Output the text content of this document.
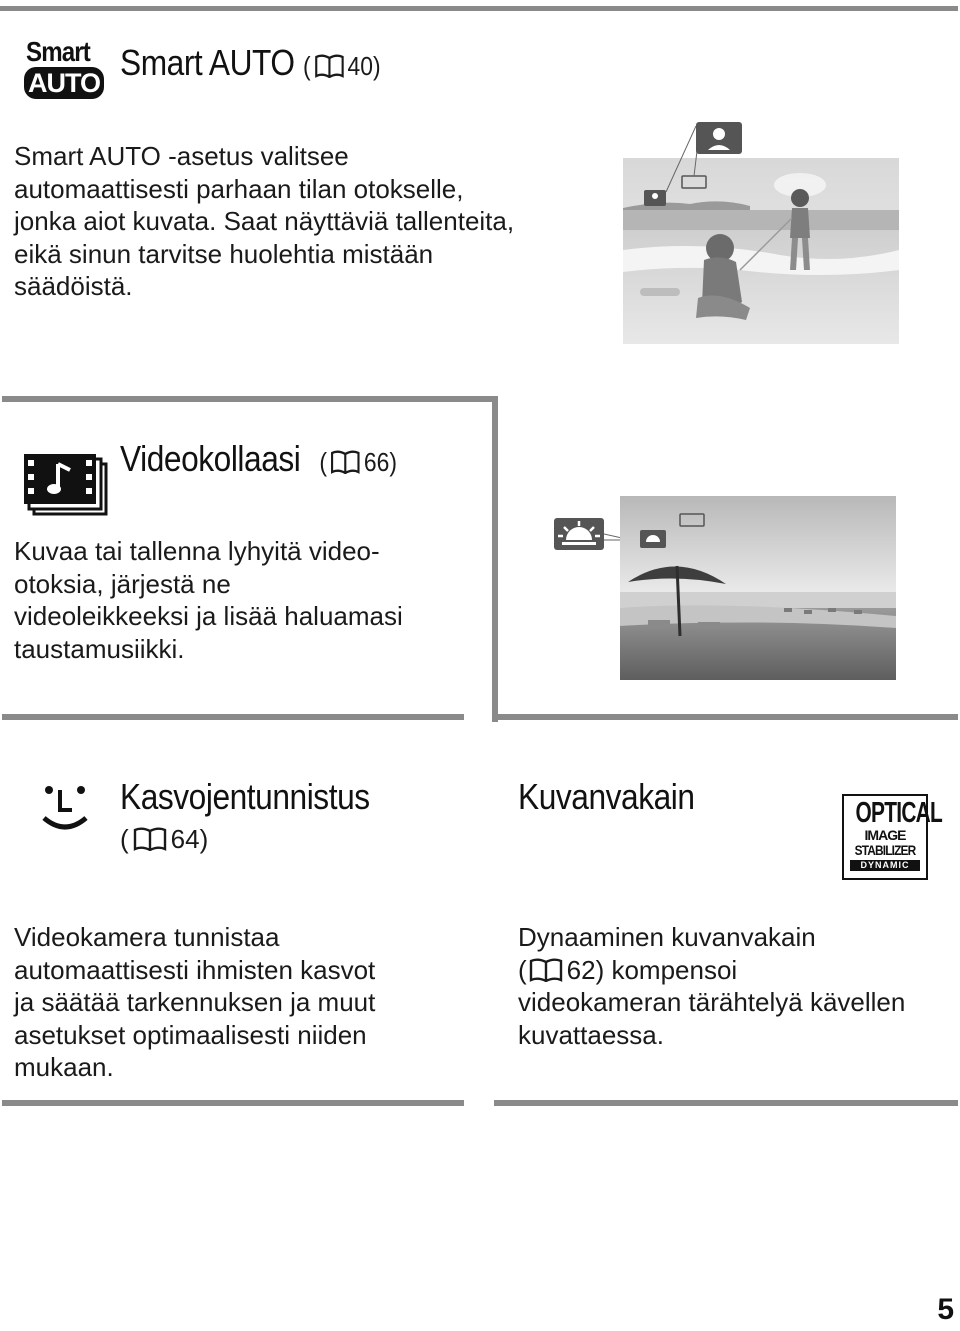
Smart
AUTO Smart AUTO ( 40)
Smart AUTO -asetus valitsee
automaattisesti parhaan tilan otokselle,
jonka aiot kuvata. Saat näyttäviä tallenteita,
eikä sinun tarvitse huolehtia mistään
säädöistä.
Videokollaasi ( 66)
Kuvaa tai tallenna lyhyitä video-
otoksia, järjestä ne
videoleikkeeksi ja lisää haluamasi
taustamusiikki.
Kasvojentunnistus
( 64)
Videokamera tunnistaa
automaattisesti ihmisten kasvot
ja säätää tarkennuksen ja muut
asetukset optimaalisesti niiden
mukaan.
Kuvanvakain	OPTICAL
IMAGE
STABILIZER
DYNAMIC
Dynaaminen kuvanvakain
( 62) kompensoi
videokameran tärähtelyä kävellen
kuvattaessa.
5
